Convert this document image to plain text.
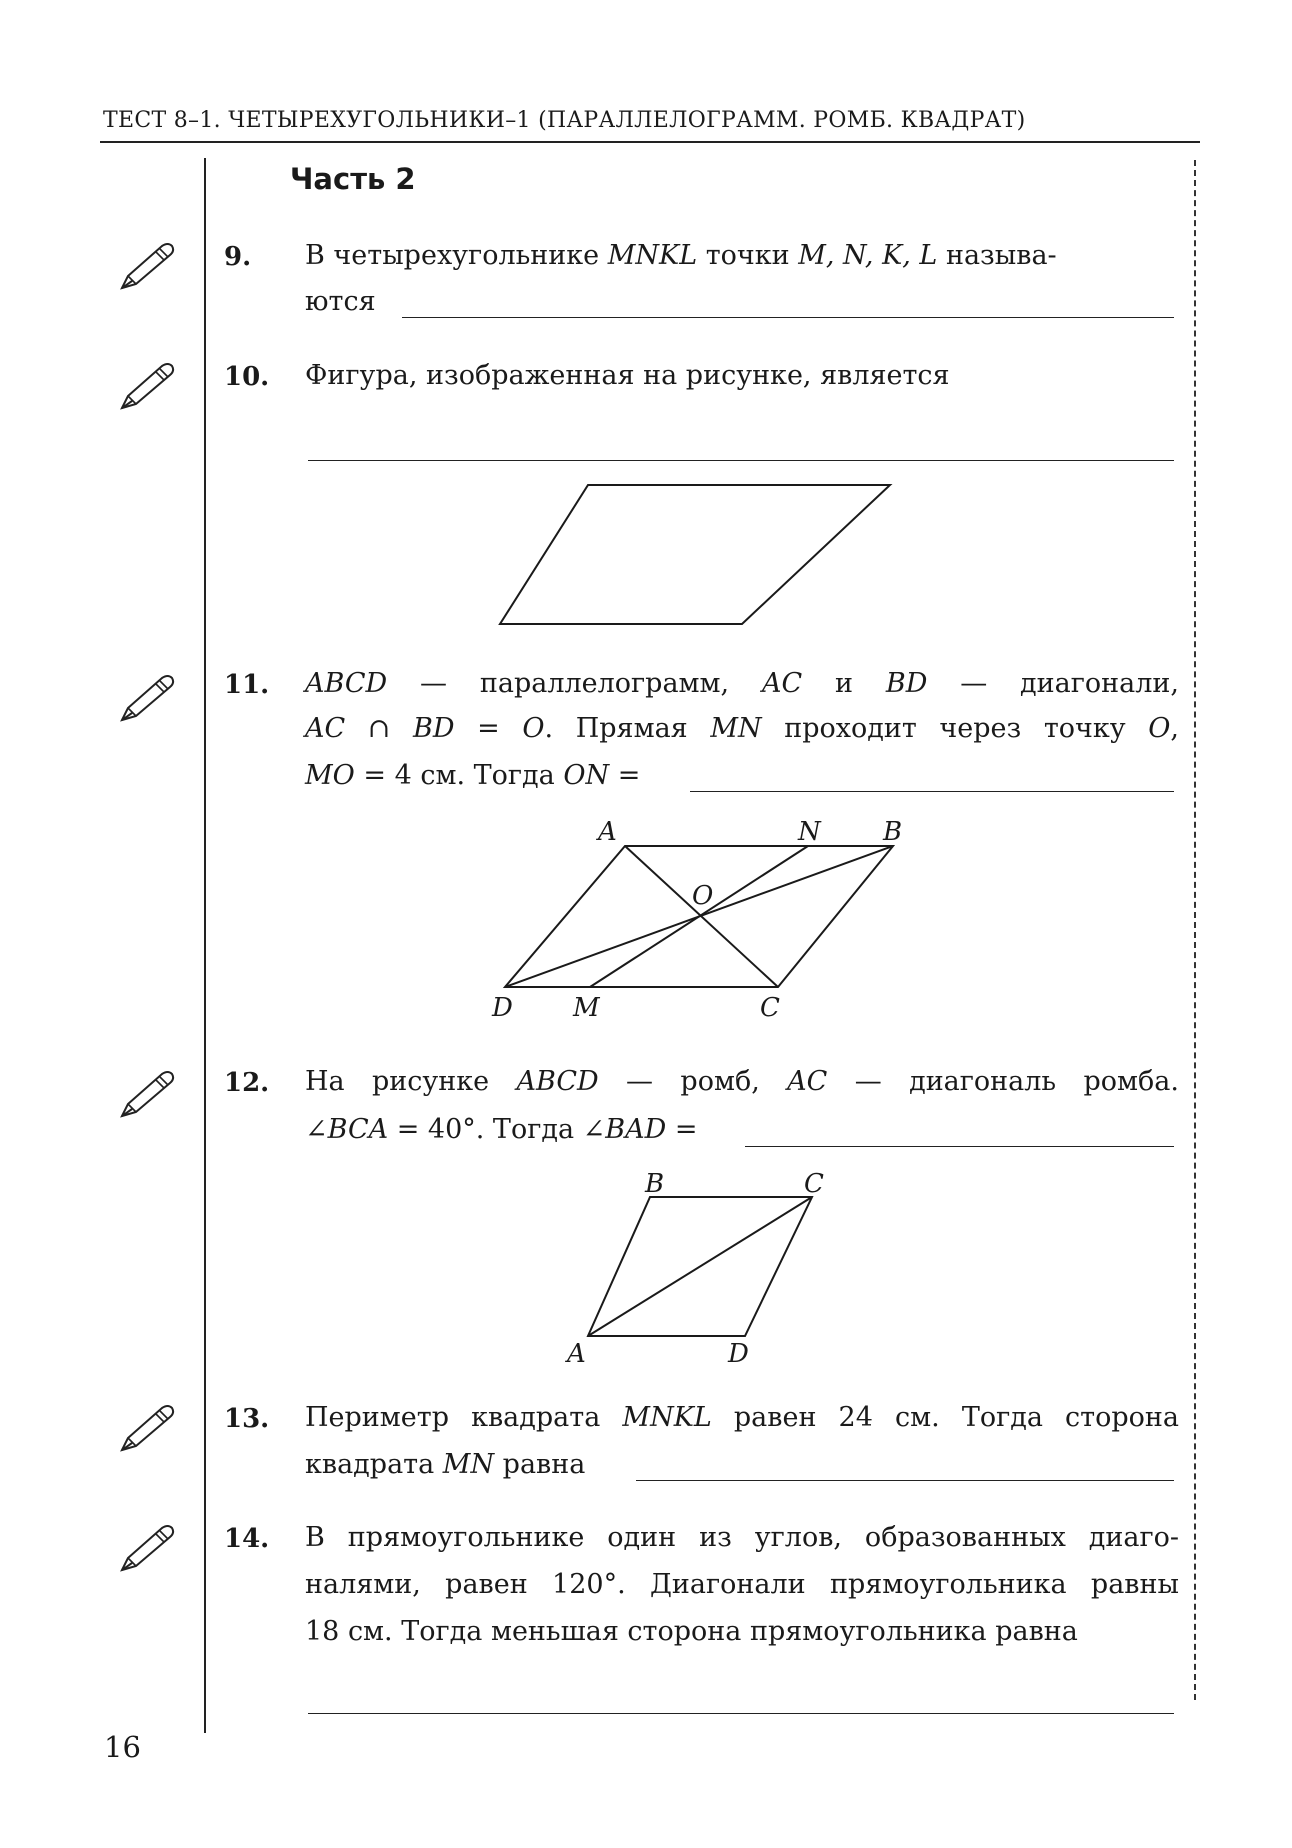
ТЕСТ 8–1. ЧЕТЫРЕХУГОЛЬНИКИ–1 (ПАРАЛЛЕЛОГРАММ. РОМБ. КВАДРАТ)
Часть 2
9. В четырехугольнике MNKL точки M, N, K, L называ-
ются
10. Фигура, изображенная на рисунке, является
11. ABCD — параллелограмм, AC и BD — диагонали,
AC ∩ BD = O. Прямая MN проходит через точку O,
MO = 4 см. Тогда ON =
A	N B
O
D M	C
12. На рисунке ABCD — ромб, AC — диагональ ромба.
∠BCA = 40°. Тогда ∠BAD =
B	C
A	D
13. Периметр квадрата MNKL равен 24 см. Тогда сторона
квадрата MN равна
14. В прямоугольнике один из углов, образованных диаго-
налями, равен 120°. Диагонали прямоугольника равны
18 см. Тогда меньшая сторона прямоугольника равна
16
